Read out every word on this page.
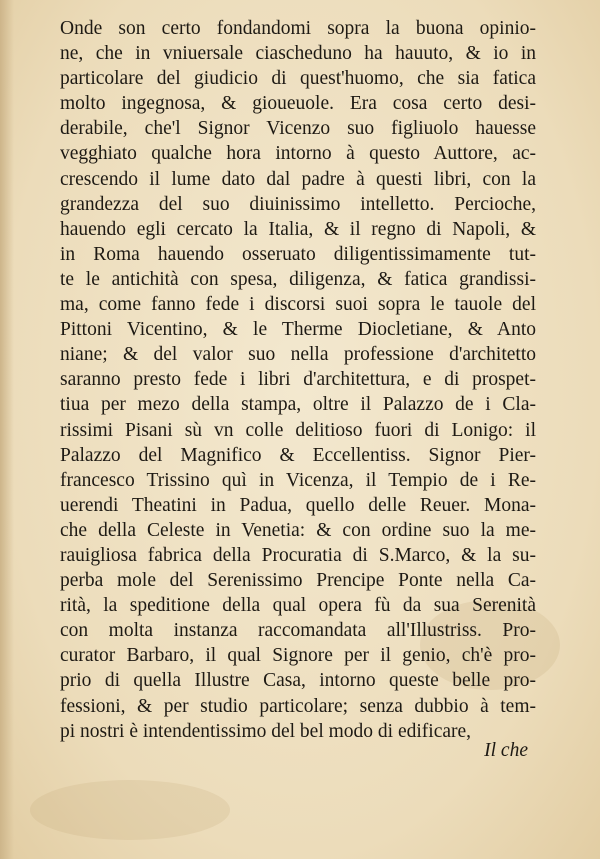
Onde son certo fondandomi sopra la buona opinio-
ne, che in vniuersale ciascheduno ha hauuto, & io in
particolare del giudicio di quest'huomo, che sia fatica
molto ingegnosa, & gioueuole. Era cosa certo desi-
derabile, che'l Signor Vicenzo suo figliuolo hauesse
vegghiato qualche hora intorno à questo Auttore, ac-
crescendo il lume dato dal padre à questi libri, con la
grandezza del suo diuinissimo intelletto. Percioche,
hauendo egli cercato la Italia, & il regno di Napoli, &
in Roma hauendo osseruato diligentissimamente tut-
te le antichità con spesa, diligenza, & fatica grandissi-
ma, come fanno fede i discorsi suoi sopra le tauole del
Pittoni Vicentino, & le Therme Diocletiane, & Anto
niane; & del valor suo nella professione d'architetto
saranno presto fede i libri d'architettura, e di prospet-
tiua per mezo della stampa, oltre il Palazzo de i Cla-
rissimi Pisani sù vn colle delitioso fuori di Lonigo: il
Palazzo del Magnifico & Eccellentiss. Signor Pier-
francesco Trissino quì in Vicenza, il Tempio de i Re-
uerendi Theatini in Padua, quello delle Reuer. Mona-
che della Celeste in Venetia: & con ordine suo la me-
rauigliosa fabrica della Procuratia di S.Marco, & la su-
perba mole del Serenissimo Prencipe Ponte nella Ca-
rità, la speditione della qual opera fù da sua Serenità
con molta instanza raccomandata all'Illustriss. Pro-
curator Barbaro, il qual Signore per il genio, ch'è pro-
prio di quella Illustre Casa, intorno queste belle pro-
fessioni, & per studio particolare; senza dubbio à tem-
pi nostri è intendentissimo del bel modo di edificare,
Il che
